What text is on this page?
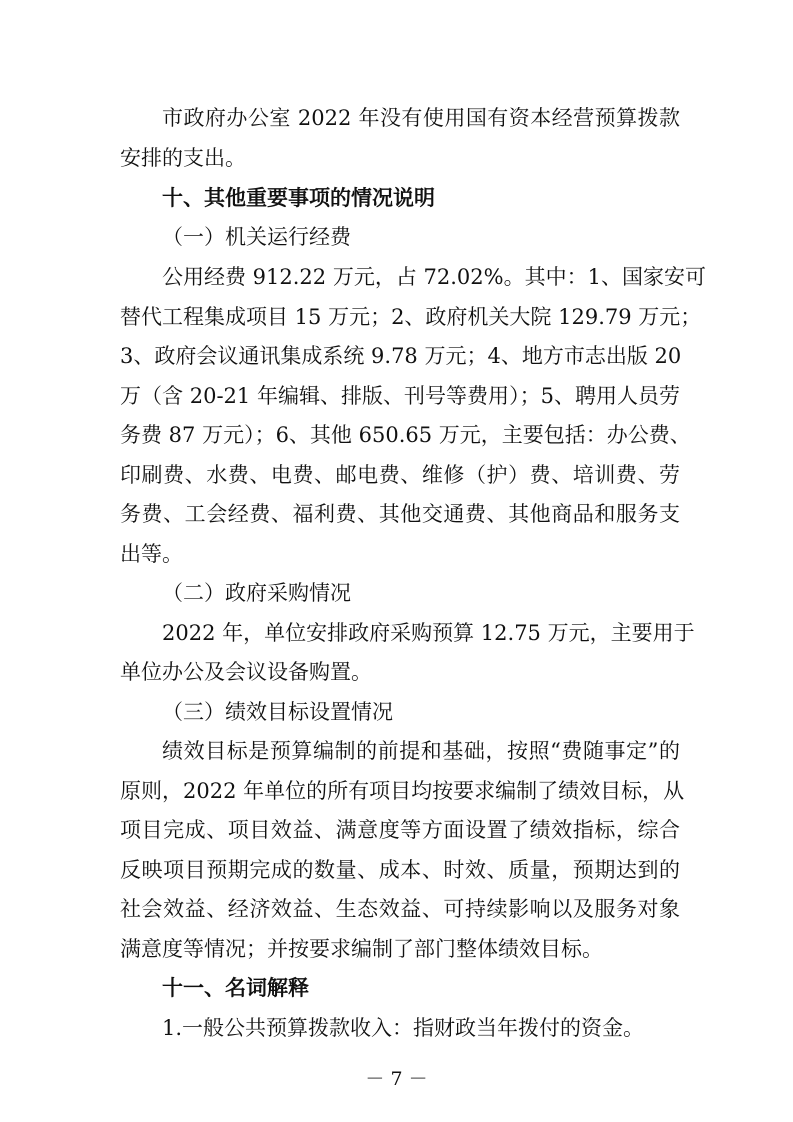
市政府办公室 2022 年没有使用国有资本经营预算拨款
安排的支出。
十、其他重要事项的情况说明
（一）机关运行经费
公用经费 912.22 万元，占 72.02%。其中：1、国家安可
替代工程集成项目 15 万元；2、政府机关大院 129.79 万元；
3、政府会议通讯集成系统 9.78 万元；4、地方市志出版 20
万（含 20-21 年编辑、排版、刊号等费用）；5、聘用人员劳
务费 87 万元）；6、其他 650.65 万元，主要包括：办公费、
印刷费、水费、电费、邮电费、维修（护）费、培训费、劳
务费、工会经费、福利费、其他交通费、其他商品和服务支
出等。
（二）政府采购情况
2022 年，单位安排政府采购预算 12.75 万元，主要用于
单位办公及会议设备购置。
（三）绩效目标设置情况
绩效目标是预算编制的前提和基础，按照“费随事定”的
原则，2022 年单位的所有项目均按要求编制了绩效目标，从
项目完成、项目效益、满意度等方面设置了绩效指标，综合
反映项目预期完成的数量、成本、时效、质量，预期达到的
社会效益、经济效益、生态效益、可持续影响以及服务对象
满意度等情况；并按要求编制了部门整体绩效目标。
十一、名词解释
1.一般公共预算拨款收入：指财政当年拨付的资金。
－ 7 －
